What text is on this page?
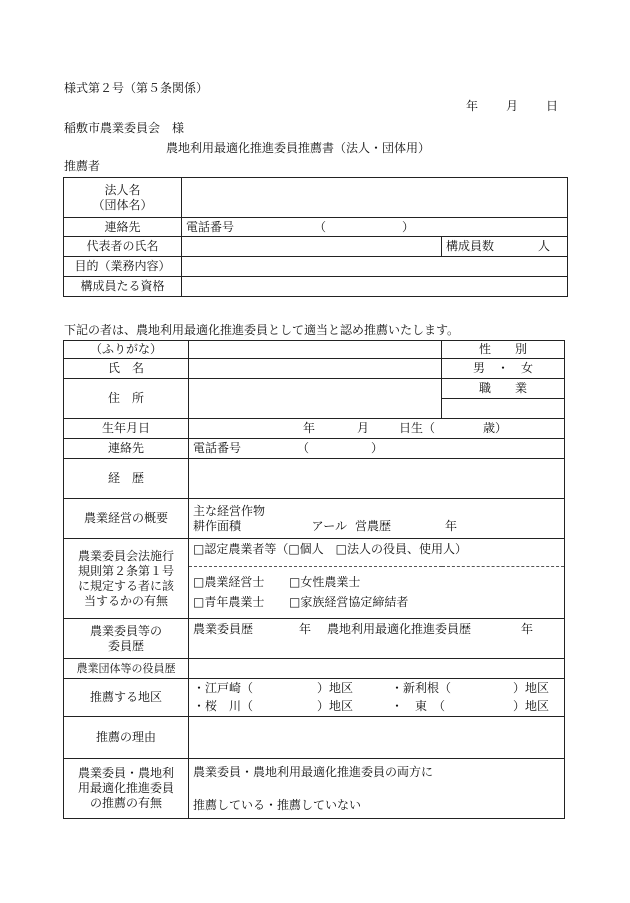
様式第２号（第５条関係）
年 月 日
稲敷市農業委員会　様
農地利用最適化推進委員推薦書（法人・団体用）
推薦者
法人名
（団体名）		

連絡先	電話番号 （ ）	
代表者の氏名		構成員数 人
目的（業務内容）		
構成員たる資格		
下記の者は、農地利用最適化推進委員として適当と認め推薦いたします。
（ふりがな）		性　　別
氏　名		男　・　女
住　所		職　　業

生年月日	年 月 日生（ 歳）	
連絡先	電話番号 （ ）	
経　歴		
農業経営の概要	主な経営作物
耕作面積 アール 営農歴 年	

農業委員会法施行
規則第２条第１号
に規定する者に該
当するかの有無	□認定農業者等（□個人　□法人の役員、使用人）	

	□農業経営士 □女性農業士
□青年農業士 □家族経営協定締結者	

農業委員等の
委員歴	農業委員歴 年 農地利用最適化推進委員歴 年	
農業団体等の役員歴		
推薦する地区	・江戸崎（ ）地区 ・新利根（ ）地区
・桜　川（ ）地区 ・　東　（ ）地区	

推薦の理由		

農業委員・農地利
用最適化推進委員
の推薦の有無	農業委員・農地利用最適化推進委員の両方に
推薦している・推薦していない	
